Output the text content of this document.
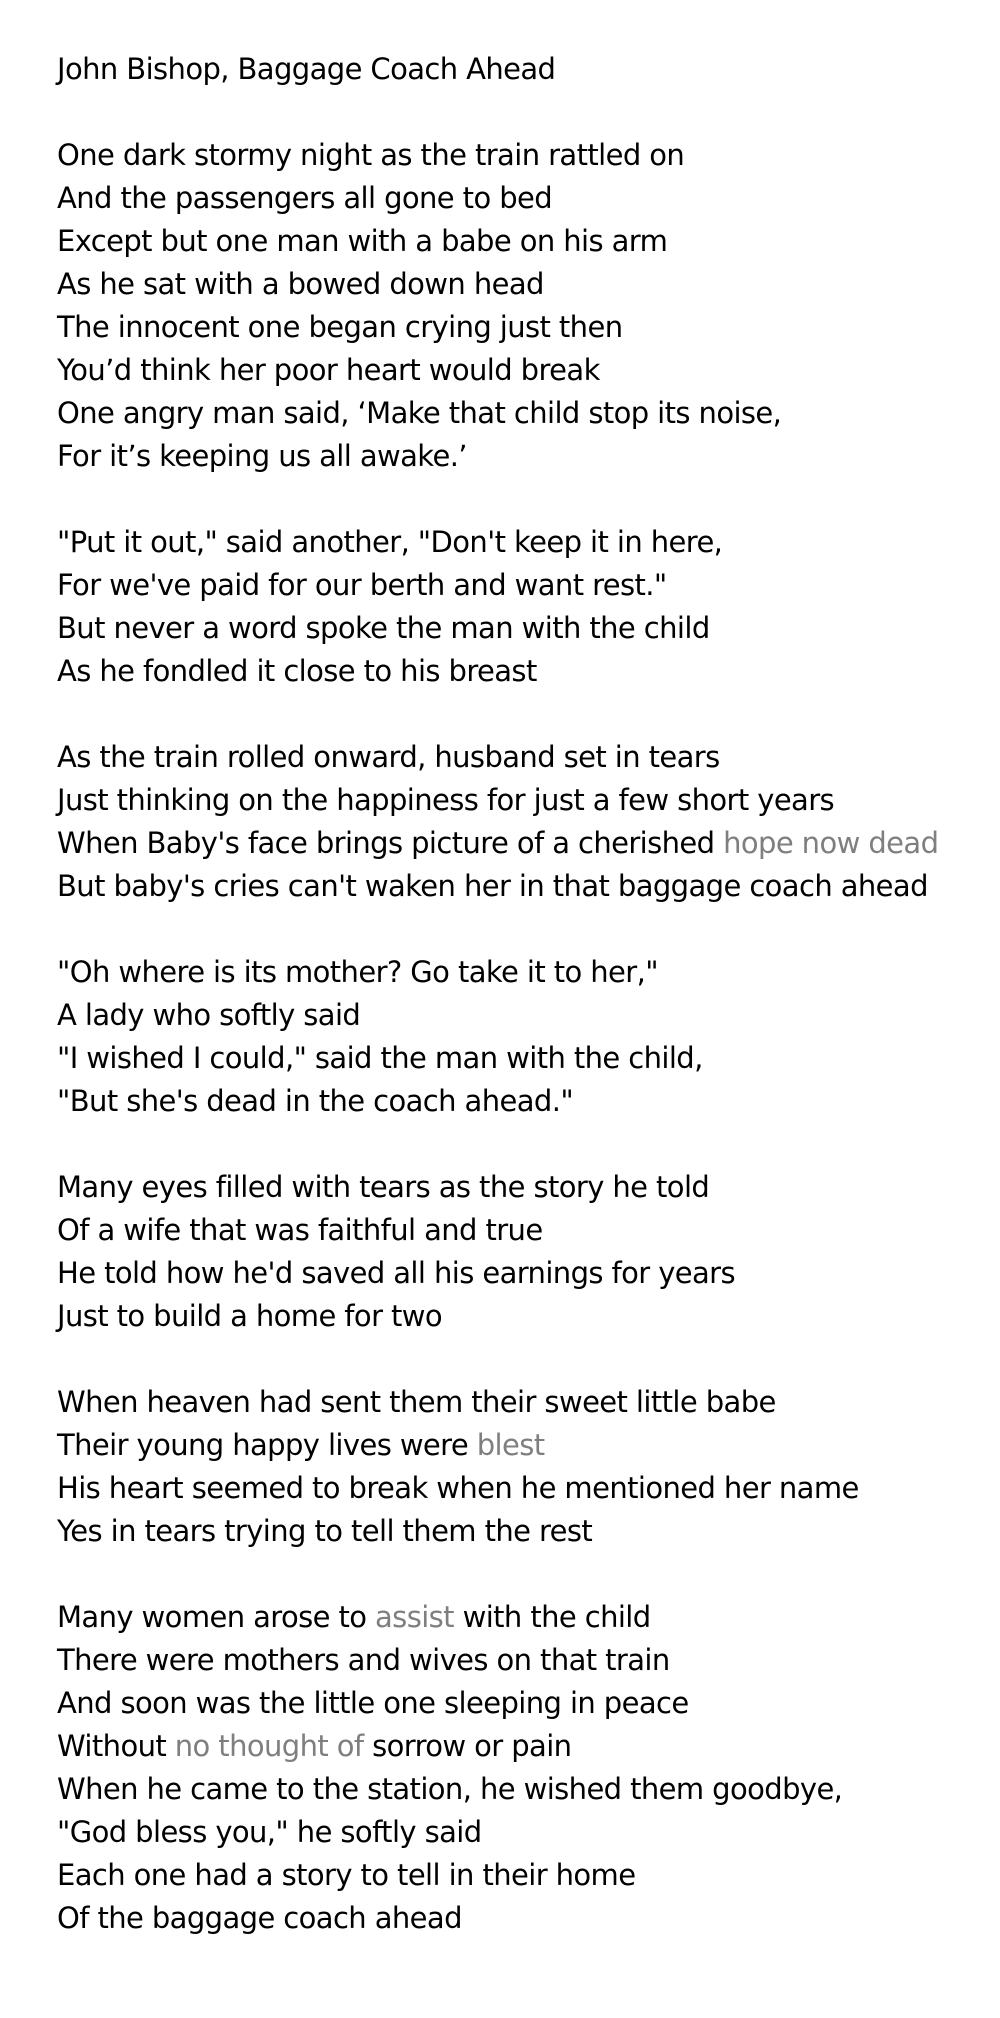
John Bishop, Baggage Coach Ahead
One dark stormy night as the train rattled on
And the passengers all gone to bed
Except but one man with a babe on his arm
As he sat with a bowed down head
The innocent one began crying just then
You’d think her poor heart would break
One angry man said, ‘Make that child stop its noise,
For it’s keeping us all awake.’
"Put it out," said another, "Don't keep it in here,
For we've paid for our berth and want rest."
But never a word spoke the man with the child
As he fondled it close to his breast
As the train rolled onward, husband set in tears
Just thinking on the happiness for just a few short years
When Baby's face brings picture of a cherished hope now dead
But baby's cries can't waken her in that baggage coach ahead
"Oh where is its mother? Go take it to her,"
A lady who softly said
"I wished I could," said the man with the child,
"But she's dead in the coach ahead."
Many eyes filled with tears as the story he told
Of a wife that was faithful and true
He told how he'd saved all his earnings for years
Just to build a home for two
When heaven had sent them their sweet little babe
Their young happy lives were blest
His heart seemed to break when he mentioned her name
Yes in tears trying to tell them the rest
Many women arose to assist with the child
There were mothers and wives on that train
And soon was the little one sleeping in peace
Without no thought of sorrow or pain
When he came to the station, he wished them goodbye,
"God bless you," he softly said
Each one had a story to tell in their home
Of the baggage coach ahead
